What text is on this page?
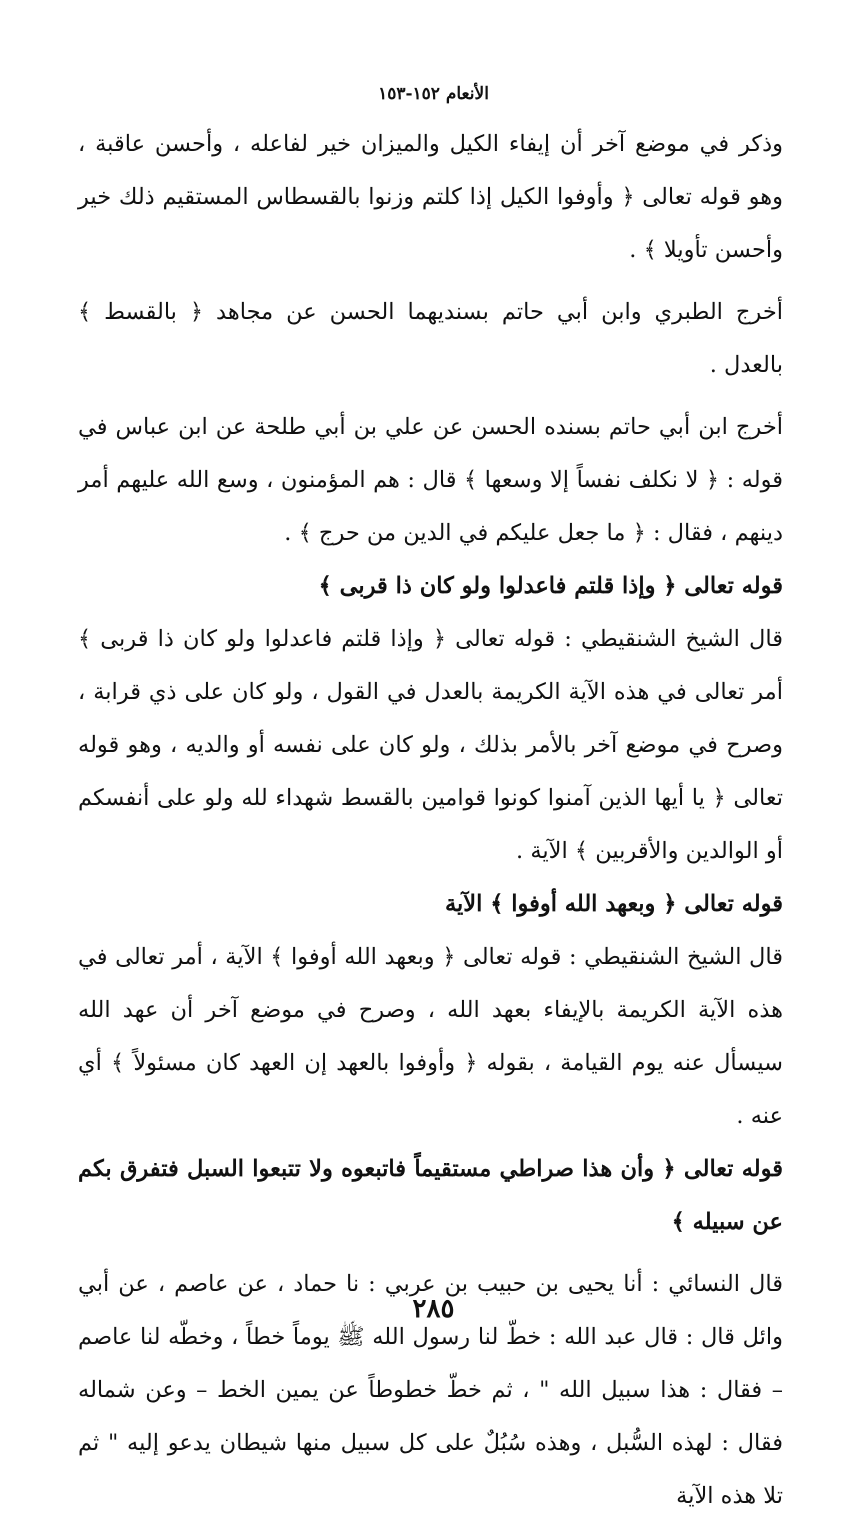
الأنعام ١٥٢-١٥٣

وذكر في موضع آخر أن إيفاء الكيل والميزان خير لفاعله ، وأحسن عاقبة ، وهو قوله تعالى ﴿ وأوفوا الكيل إذا كلتم وزنوا بالقسطاس المستقيم ذلك خير وأحسن تأويلا ﴾ .

أخرج الطبري وابن أبي حاتم بسنديهما الحسن عن مجاهد ﴿ بالقسط ﴾ بالعدل .

أخرج ابن أبي حاتم بسنده الحسن عن علي بن أبي طلحة عن ابن عباس في قوله : ﴿ لا نكلف نفساً إلا وسعها ﴾ قال : هم المؤمنون ، وسع الله عليهم أمر دينهم ، فقال : ﴿ ما جعل عليكم في الدين من حرج ﴾ .

قوله تعالى ﴿ وإذا قلتم فاعدلوا ولو كان ذا قربى ﴾

قال الشيخ الشنقيطي : قوله تعالى ﴿ وإذا قلتم فاعدلوا ولو كان ذا قربى ﴾ أمر تعالى في هذه الآية الكريمة بالعدل في القول ، ولو كان على ذي قرابة ، وصرح في موضع آخر بالأمر بذلك ، ولو كان على نفسه أو والديه ، وهو قوله تعالى ﴿ يا أيها الذين آمنوا كونوا قوامين بالقسط شهداء لله ولو على أنفسكم أو الوالدين والأقربين ﴾ الآية .

قوله تعالى ﴿ وبعهد الله أوفوا ﴾ الآية

قال الشيخ الشنقيطي : قوله تعالى ﴿ وبعهد الله أوفوا ﴾ الآية ، أمر تعالى في هذه الآية الكريمة بالإيفاء بعهد الله ، وصرح في موضع آخر أن عهد الله سيسأل عنه يوم القيامة ، بقوله ﴿ وأوفوا بالعهد إن العهد كان مسئولاً ﴾ أي عنه .

قوله تعالى ﴿ وأن هذا صراطي مستقيماً فاتبعوه ولا تتبعوا السبل فتفرق بكم عن سبيله ﴾

قال النسائي : أنا يحيى بن حبيب بن عربي : نا حماد ، عن عاصم ، عن أبي وائل قال : قال عبد الله : خطّ لنا رسول الله ﷺ يوماً خطاً ، وخطّه لنا عاصم – فقال : هذا سبيل الله " ، ثم خطّ خطوطاً عن يمين الخط – وعن شماله فقال : لهذه السُّبل ، وهذه سُبُلٌ على كل سبيل منها شيطان يدعو إليه " ثم تلا هذه الآية

٢٨٥
